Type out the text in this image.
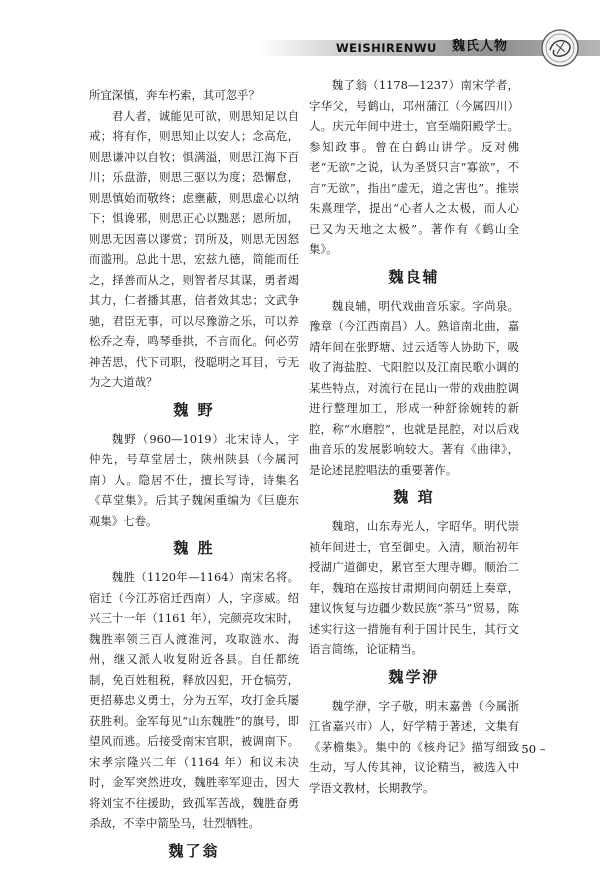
WEISHIRENWU 魏氏人物

所宜深慎，奔车朽索，其可忽乎？

君人者，诚能见可欲，则思知足以自戒；将有作，则思知止以安人；念高危，则思谦冲以自牧；惧满溢，则思江海下百川；乐盘游，则思三驱以为度；恐懈怠，则思慎始而敬终；虑壅蔽，则思虚心以纳下；惧谗邪，则思正心以黜恶；恩所加，则思无因喜以谬赏；罚所及，则思无因怒而滥刑。总此十思，宏兹九德，简能而任之，择善而从之，则智者尽其谋，勇者竭其力，仁者播其惠，信者效其忠；文武争驰，君臣无事，可以尽豫游之乐，可以养松乔之寿，鸣琴垂拱，不言而化。何必劳神苦思，代下司职，役聪明之耳目，亏无为之大道哉？

魏 野

魏野（960—1019）北宋诗人，字仲先，号草堂居士，陕州陕县（今属河南）人。隐居不仕，擅长写诗，诗集名《草堂集》。后其子魏闲重编为《巨鹿东观集》七卷。

魏 胜

魏胜（1120年—1164）南宋名将。宿迁（今江苏宿迁西南）人，字彦威。绍兴三十一年（1161 年），完颜亮攻宋时，魏胜率领三百人渡淮河，攻取涟水、海州，继又派人收复附近各县。自任都统制，免百姓租税，释放囚犯，开仓犒劳，更招募忠义勇士，分为五军，攻打金兵屡获胜利。金军每见“山东魏胜”的旗号，即望风而逃。后接受南宋官职，被调南下。宋孝宗隆兴二年（1164 年）和议未决时，金军突然进攻，魏胜率军迎击，因大将刘宝不往援助，致孤军苦战，魏胜奋勇杀敌，不幸中箭坠马，壮烈牺牲。

魏了翁

魏了翁（1178—1237）南宋学者，字华父，号鹤山，邛州蒲江（今属四川）人。庆元年间中进士，官至端阳殿学士。参知政事。曾在白鹤山讲学。反对佛老“无欲”之说，认为圣贤只言“寡欲”，不言“无欲”，指出“虚无，道之害也”。推崇朱熹理学，提出“心者人之太极，而人心已又为天地之太极”。著作有《鹤山全集》。

魏良辅

魏良辅，明代戏曲音乐家。字尚泉。豫章（今江西南昌）人。熟谙南北曲，嘉靖年间在张野塘、过云适等人协助下，吸收了海盐腔、弋阳腔以及江南民歌小调的某些特点，对流行在昆山一带的戏曲腔调进行整理加工，形成一种舒徐婉转的新腔，称“水磨腔”，也就是昆腔，对以后戏曲音乐的发展影响较大。著有《曲律》，是论述昆腔唱法的重要著作。

魏 琯

魏琯，山东寿光人，字昭华。明代崇祯年间进士，官至御史。入清，顺治初年授湖广道御史，累官至大理寺卿。顺治二年，魏琯在巡按甘肃期间向朝廷上奏章，建议恢复与边疆少数民族“茶马”贸易，陈述实行这一措施有利于国计民生，其行文语言简练，论证精当。

魏学洢

魏学洢，字子敬，明末嘉善（今属浙江省嘉兴市）人，好学精于著述，文集有《茅檐集》。集中的《核舟记》描写细致生动，写人传其神，议论精当，被选入中学语文教材，长期教学。

– 50 –
